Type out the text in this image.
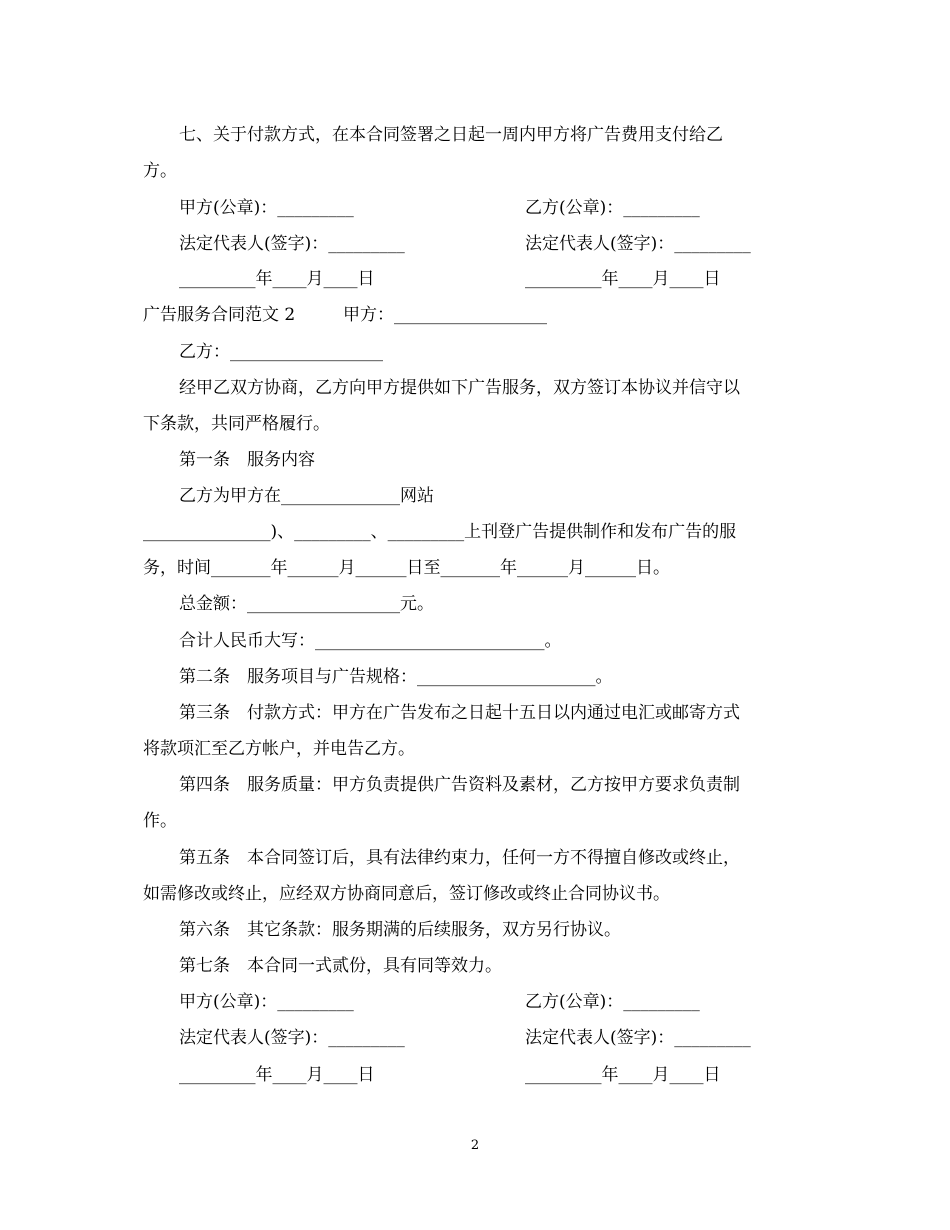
七、关于付款方式，在本合同签署之日起一周内甲方将广告费用支付给乙
方。
甲方(公章)：_________	乙方(公章)：_________
法定代表人(签字)：_________	法定代表人(签字)：_________
_________年____月____日	_________年____月____日
广告服务合同范文 2	甲方：__________________
乙方：__________________
经甲乙双方协商，乙方向甲方提供如下广告服务，双方签订本协议并信守以
下条款，共同严格履行。
第一条　服务内容
乙方为甲方在______________网站
_______________)、_________、_________上刊登广告提供制作和发布广告的服
务，时间_______年______月______日至_______年______月______日。
总金额：__________________元。
合计人民币大写：___________________________。
第二条　服务项目与广告规格：_____________________。
第三条　付款方式：甲方在广告发布之日起十五日以内通过电汇或邮寄方式
将款项汇至乙方帐户，并电告乙方。
第四条　服务质量：甲方负责提供广告资料及素材，乙方按甲方要求负责制
作。
第五条　本合同签订后，具有法律约束力，任何一方不得擅自修改或终止，
如需修改或终止，应经双方协商同意后，签订修改或终止合同协议书。
第六条　其它条款：服务期满的后续服务，双方另行协议。
第七条　本合同一式贰份，具有同等效力。
甲方(公章)：_________	乙方(公章)：_________
法定代表人(签字)：_________	法定代表人(签字)：_________
_________年____月____日	_________年____月____日
2
